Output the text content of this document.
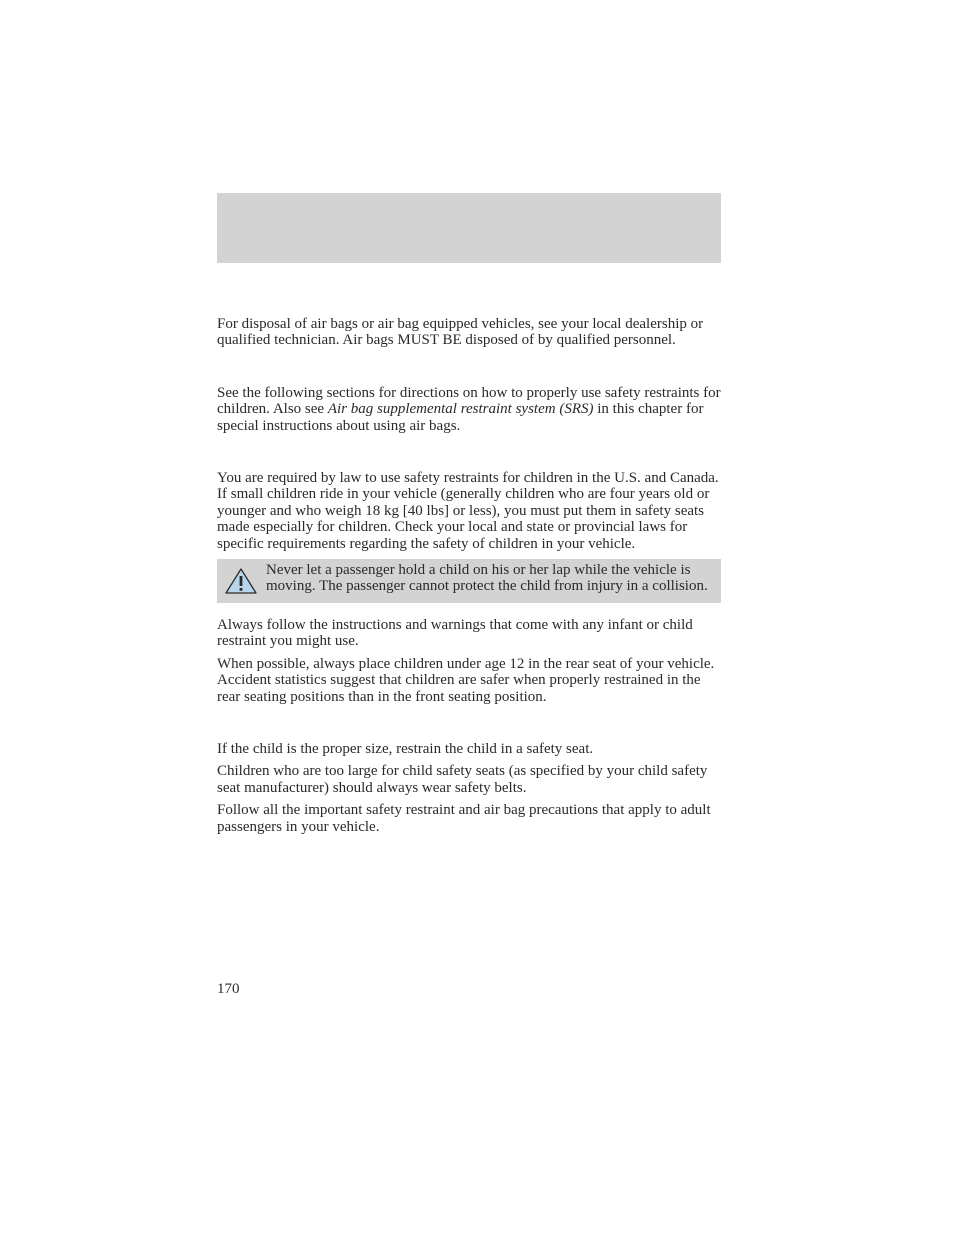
For disposal of air bags or air bag equipped vehicles, see your local dealership or qualified technician. Air bags MUST BE disposed of by qualified personnel.

See the following sections for directions on how to properly use safety restraints for children. Also see Air bag supplemental restraint system (SRS) in this chapter for special instructions about using air bags.

You are required by law to use safety restraints for children in the U.S. and Canada. If small children ride in your vehicle (generally children who are four years old or younger and who weigh 18 kg [40 lbs] or less), you must put them in safety seats made especially for children. Check your local and state or provincial laws for specific requirements regarding the safety of children in your vehicle.

Never let a passenger hold a child on his or her lap while the vehicle is moving. The passenger cannot protect the child from injury in a collision.

Always follow the instructions and warnings that come with any infant or child restraint you might use.

When possible, always place children under age 12 in the rear seat of your vehicle. Accident statistics suggest that children are safer when properly restrained in the rear seating positions than in the front seating position.

If the child is the proper size, restrain the child in a safety seat.

Children who are too large for child safety seats (as specified by your child safety seat manufacturer) should always wear safety belts.

Follow all the important safety restraint and air bag precautions that apply to adult passengers in your vehicle.

170
